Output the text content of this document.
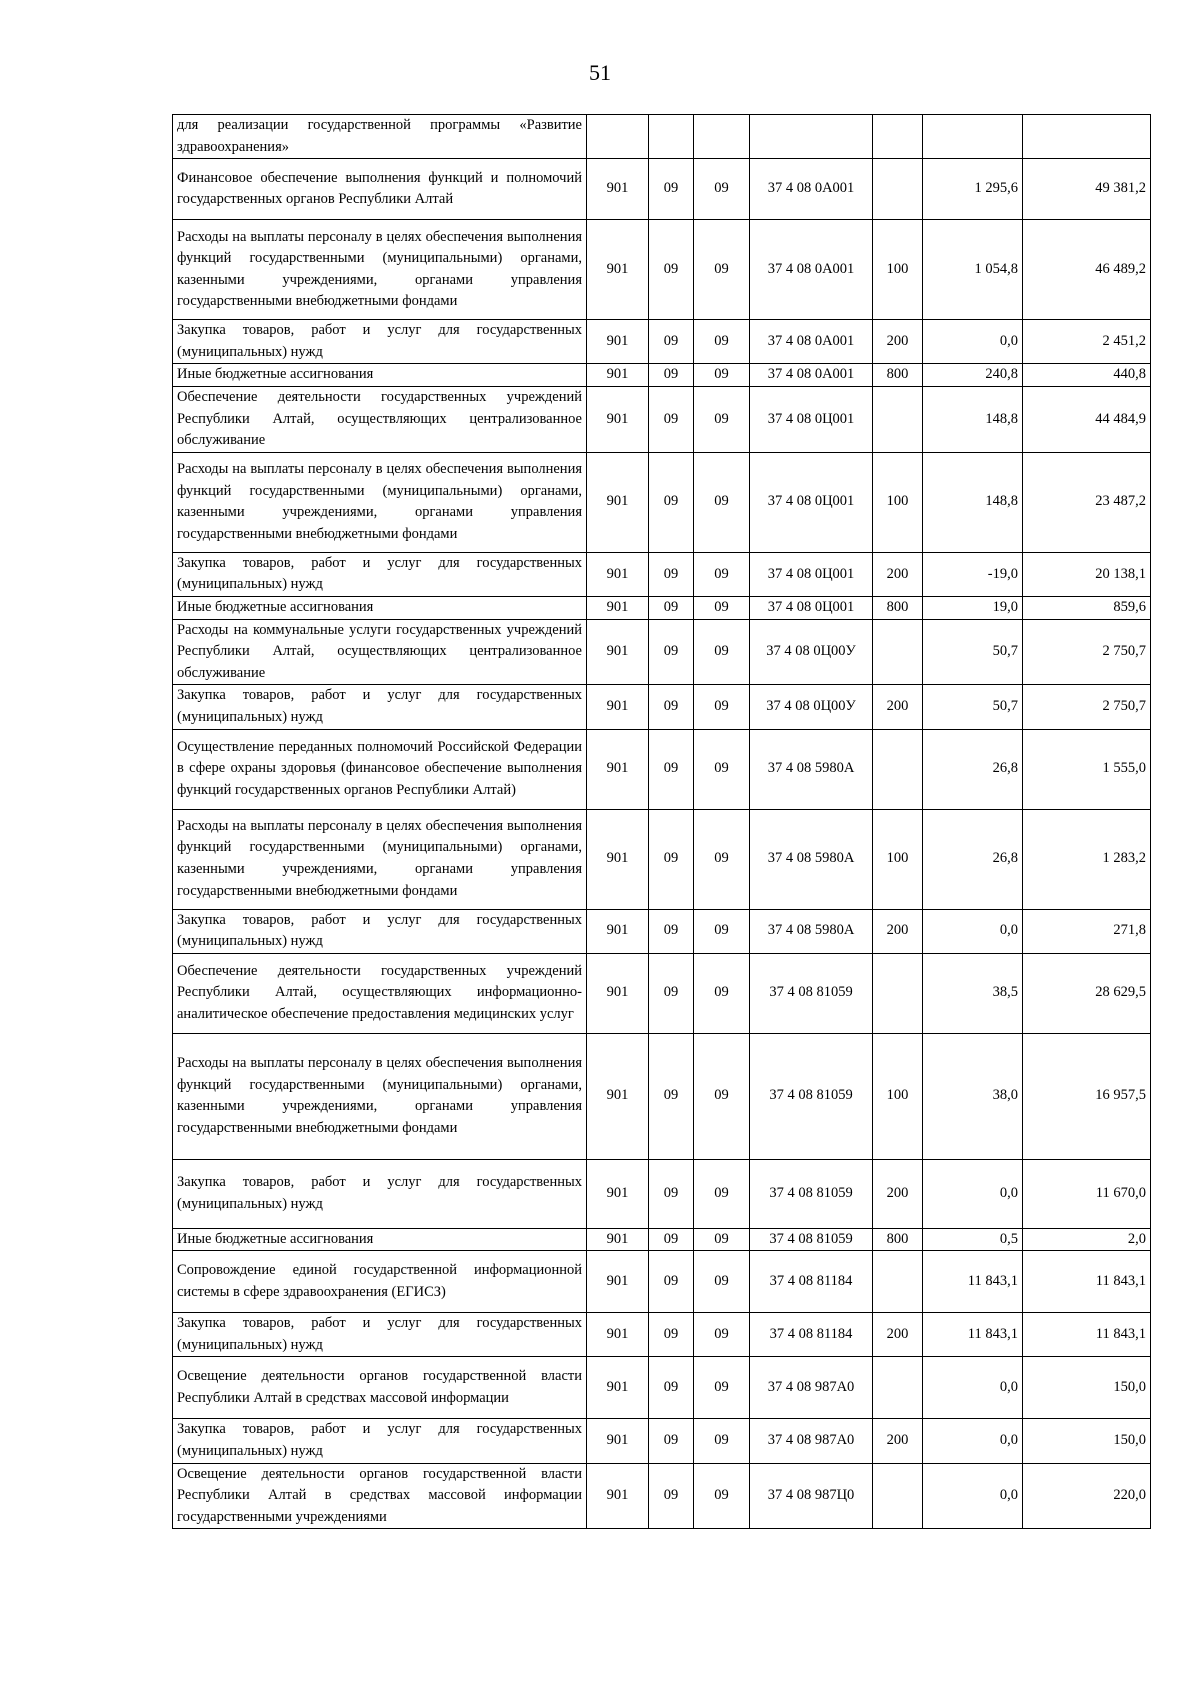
51
для реализации государственной программы «Развитие здравоохранения»							
Финансовое обеспечение выполнения функций и полномочий государственных органов Республики Алтай	901	09	09	37 4 08 0А001		1 295,6	49 381,2
Расходы на выплаты персоналу в целях обеспечения выполнения функций государственными (муниципальными) органами, казенными учреждениями, органами управления государственными внебюджетными фондами	901	09	09	37 4 08 0А001	100	1 054,8	46 489,2
Закупка товаров, работ и услуг для государственных (муниципальных) нужд	901	09	09	37 4 08 0А001	200	0,0	2 451,2
Иные бюджетные ассигнования	901	09	09	37 4 08 0А001	800	240,8	440,8
Обеспечение деятельности государственных учреждений Республики Алтай, осуществляющих централизованное обслуживание	901	09	09	37 4 08 0Ц001		148,8	44 484,9
Расходы на выплаты персоналу в целях обеспечения выполнения функций государственными (муниципальными) органами, казенными учреждениями, органами управления государственными внебюджетными фондами	901	09	09	37 4 08 0Ц001	100	148,8	23 487,2
Закупка товаров, работ и услуг для государственных (муниципальных) нужд	901	09	09	37 4 08 0Ц001	200	-19,0	20 138,1
Иные бюджетные ассигнования	901	09	09	37 4 08 0Ц001	800	19,0	859,6
Расходы на коммунальные услуги государственных учреждений Республики Алтай, осуществляющих централизованное обслуживание	901	09	09	37 4 08 0Ц00У		50,7	2 750,7
Закупка товаров, работ и услуг для государственных (муниципальных) нужд	901	09	09	37 4 08 0Ц00У	200	50,7	2 750,7
Осуществление переданных полномочий Российской Федерации в сфере охраны здоровья (финансовое обеспечение выполнения функций государственных органов Республики Алтай)	901	09	09	37 4 08 5980А		26,8	1 555,0
Расходы на выплаты персоналу в целях обеспечения выполнения функций государственными (муниципальными) органами, казенными учреждениями, органами управления государственными внебюджетными фондами	901	09	09	37 4 08 5980А	100	26,8	1 283,2
Закупка товаров, работ и услуг для государственных (муниципальных) нужд	901	09	09	37 4 08 5980А	200	0,0	271,8
Обеспечение деятельности государственных учреждений Республики Алтай, осуществляющих информационно-аналитическое обеспечение предоставления медицинских услуг	901	09	09	37 4 08 81059		38,5	28 629,5
Расходы на выплаты персоналу в целях обеспечения выполнения функций государственными (муниципальными) органами, казенными учреждениями, органами управления государственными внебюджетными фондами	901	09	09	37 4 08 81059	100	38,0	16 957,5
Закупка товаров, работ и услуг для государственных (муниципальных) нужд	901	09	09	37 4 08 81059	200	0,0	11 670,0
Иные бюджетные ассигнования	901	09	09	37 4 08 81059	800	0,5	2,0
Сопровождение единой государственной информационной системы в сфере здравоохранения (ЕГИСЗ)	901	09	09	37 4 08 81184		11 843,1	11 843,1
Закупка товаров, работ и услуг для государственных (муниципальных) нужд	901	09	09	37 4 08 81184	200	11 843,1	11 843,1
Освещение деятельности органов государственной власти Республики Алтай в средствах массовой информации	901	09	09	37 4 08 987А0		0,0	150,0
Закупка товаров, работ и услуг для государственных (муниципальных) нужд	901	09	09	37 4 08 987А0	200	0,0	150,0
Освещение деятельности органов государственной власти Республики Алтай в средствах массовой информации государственными учреждениями	901	09	09	37 4 08 987Ц0		0,0	220,0
